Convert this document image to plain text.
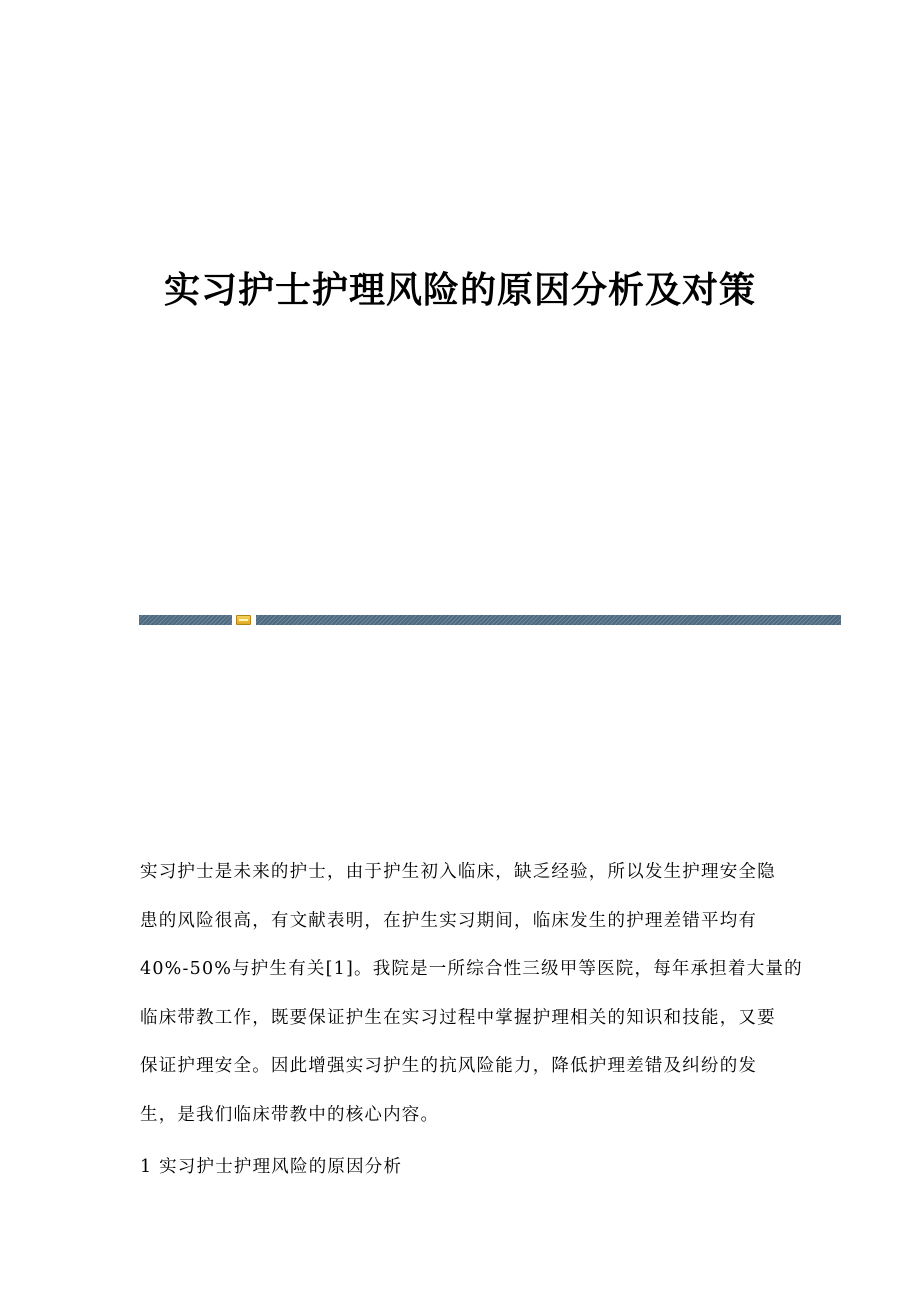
实习护士护理风险的原因分析及对策

实习护士是未来的护士，由于护生初入临床，缺乏经验，所以发生护理安全隐
患的风险很高，有文献表明，在护生实习期间，临床发生的护理差错平均有
40%-50%与护生有关[1]。我院是一所综合性三级甲等医院，每年承担着大量的
临床带教工作，既要保证护生在实习过程中掌握护理相关的知识和技能，又要
保证护理安全。因此增强实习护生的抗风险能力，降低护理差错及纠纷的发
生，是我们临床带教中的核心内容。

1 实习护士护理风险的原因分析
